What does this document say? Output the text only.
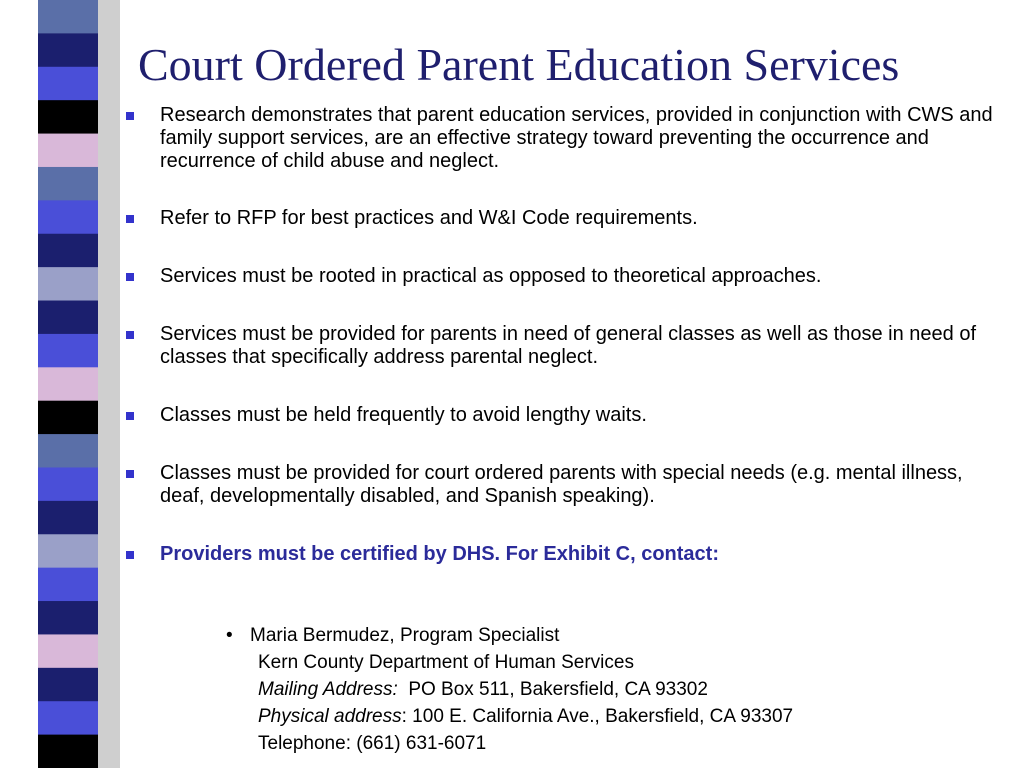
Court Ordered Parent Education Services
Research demonstrates that parent education services, provided in conjunction with CWS and family support services, are an effective strategy toward preventing the occurrence and recurrence of child abuse and neglect.
Refer to RFP for best practices and W&I Code requirements.
Services must be rooted in practical as opposed to theoretical approaches.
Services must be provided for parents in need of general classes as well as those in need of classes that specifically address parental neglect.
Classes must be held frequently to avoid lengthy waits.
Classes must be provided for court ordered parents with special needs (e.g. mental illness, deaf, developmentally disabled, and Spanish speaking).
Providers must be certified by DHS. For Exhibit C, contact:
• Maria Bermudez, Program Specialist
Kern County Department of Human Services
Mailing Address: PO Box 511, Bakersfield, CA 93302
Physical address: 100 E. California Ave., Bakersfield, CA 93307
Telephone: (661) 631-6071
